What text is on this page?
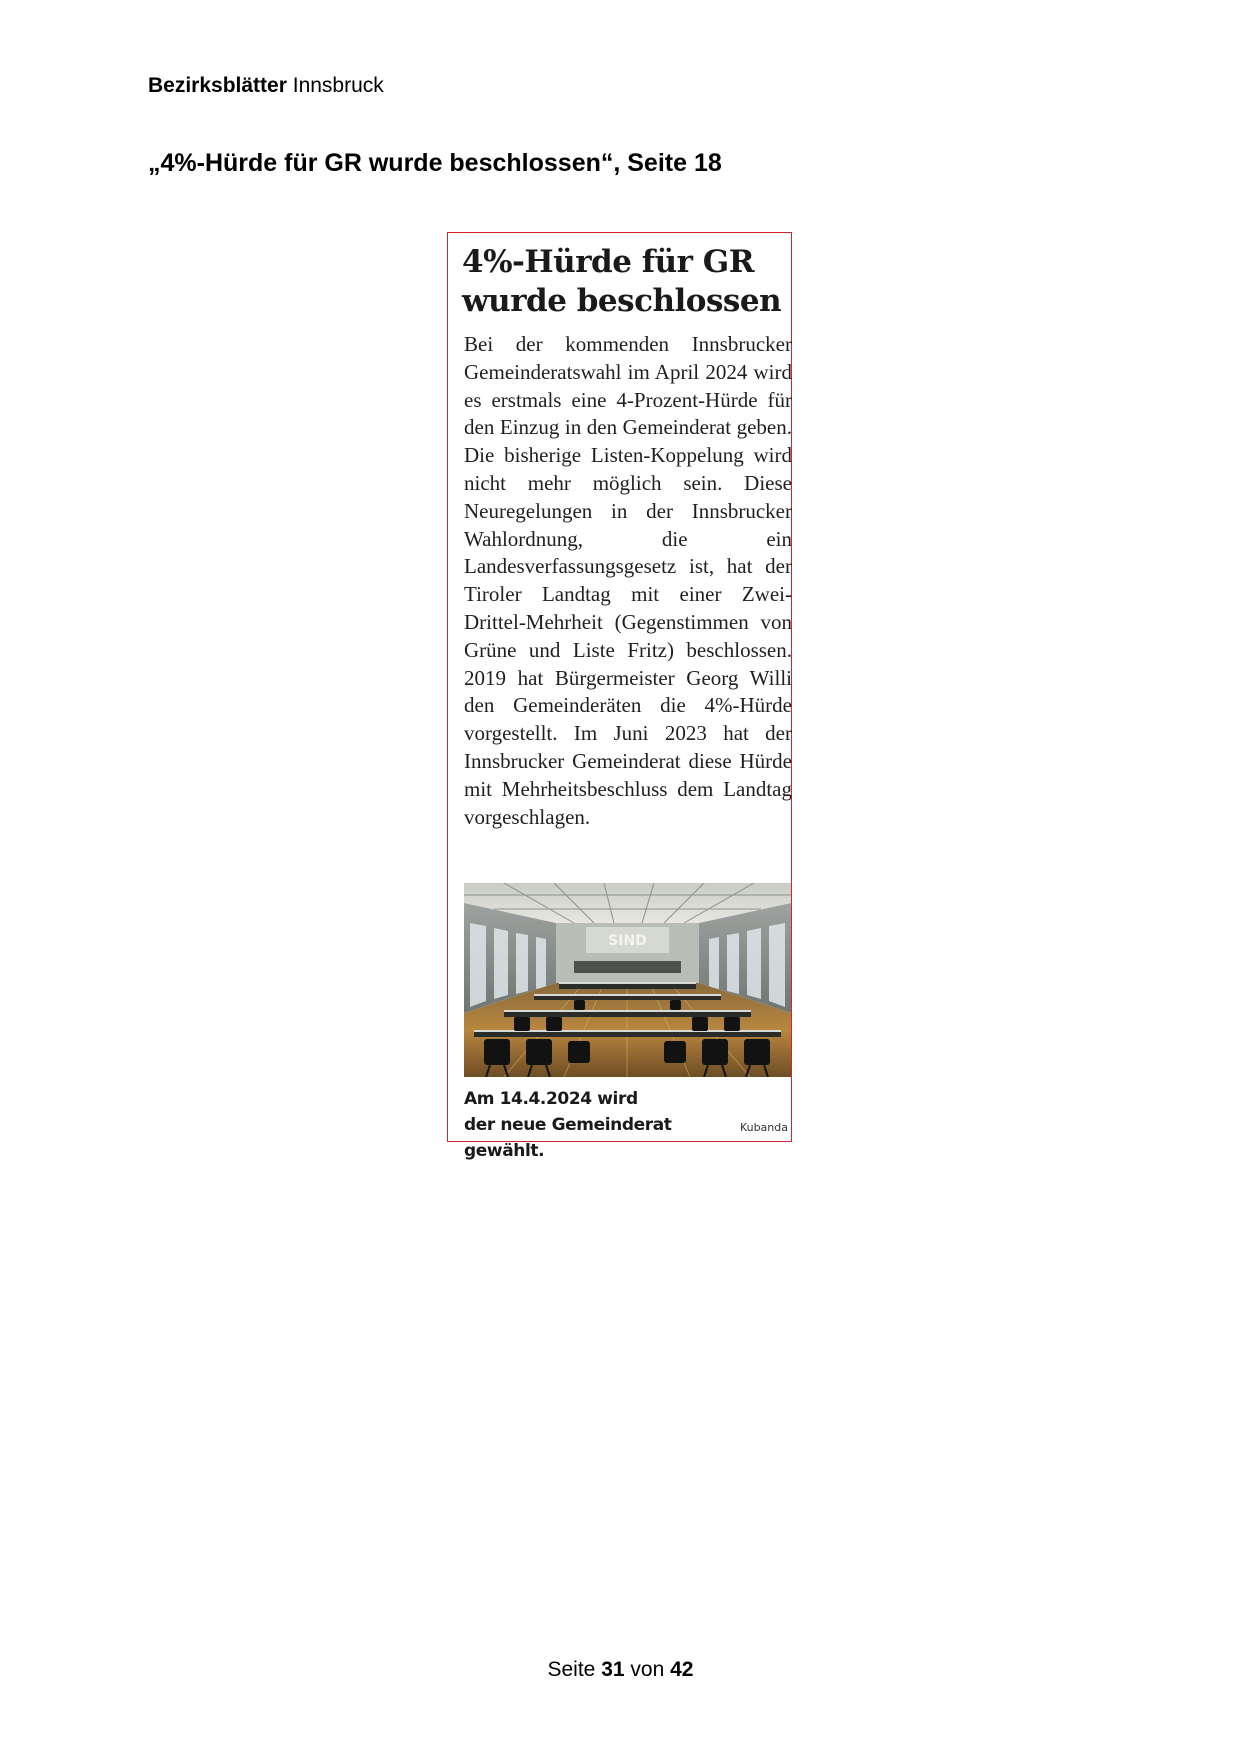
Bezirksblätter Innsbruck
„4%-Hürde für GR wurde beschlossen“, Seite 18
4%-Hürde für GR wurde beschlossen

Bei der kommenden Innsbrucker Gemeinderatswahl im April 2024 wird es erstmals eine 4-Prozent-Hürde für den Einzug in den Gemeinderat geben. Die bisherige Listen-Koppelung wird nicht mehr möglich sein. Diese Neuregelungen in der Innsbrucker Wahlordnung, die ein Landesverfassungsgesetz ist, hat der Tiroler Landtag mit einer Zwei-Drittel-Mehrheit (Gegenstimmen von Grüne und Liste Fritz) beschlossen. 2019 hat Bürgermeister Georg Willi den Gemeinderäten die 4%-Hürde vorgestellt. Im Juni 2023 hat der Innsbrucker Gemeinderat diese Hürde mit Mehrheitsbeschluss dem Landtag vorgeschlagen.

SIND

Am 14.4.2024 wird der neue Gemeinderat gewählt.

Kubanda
Seite 31 von 42
